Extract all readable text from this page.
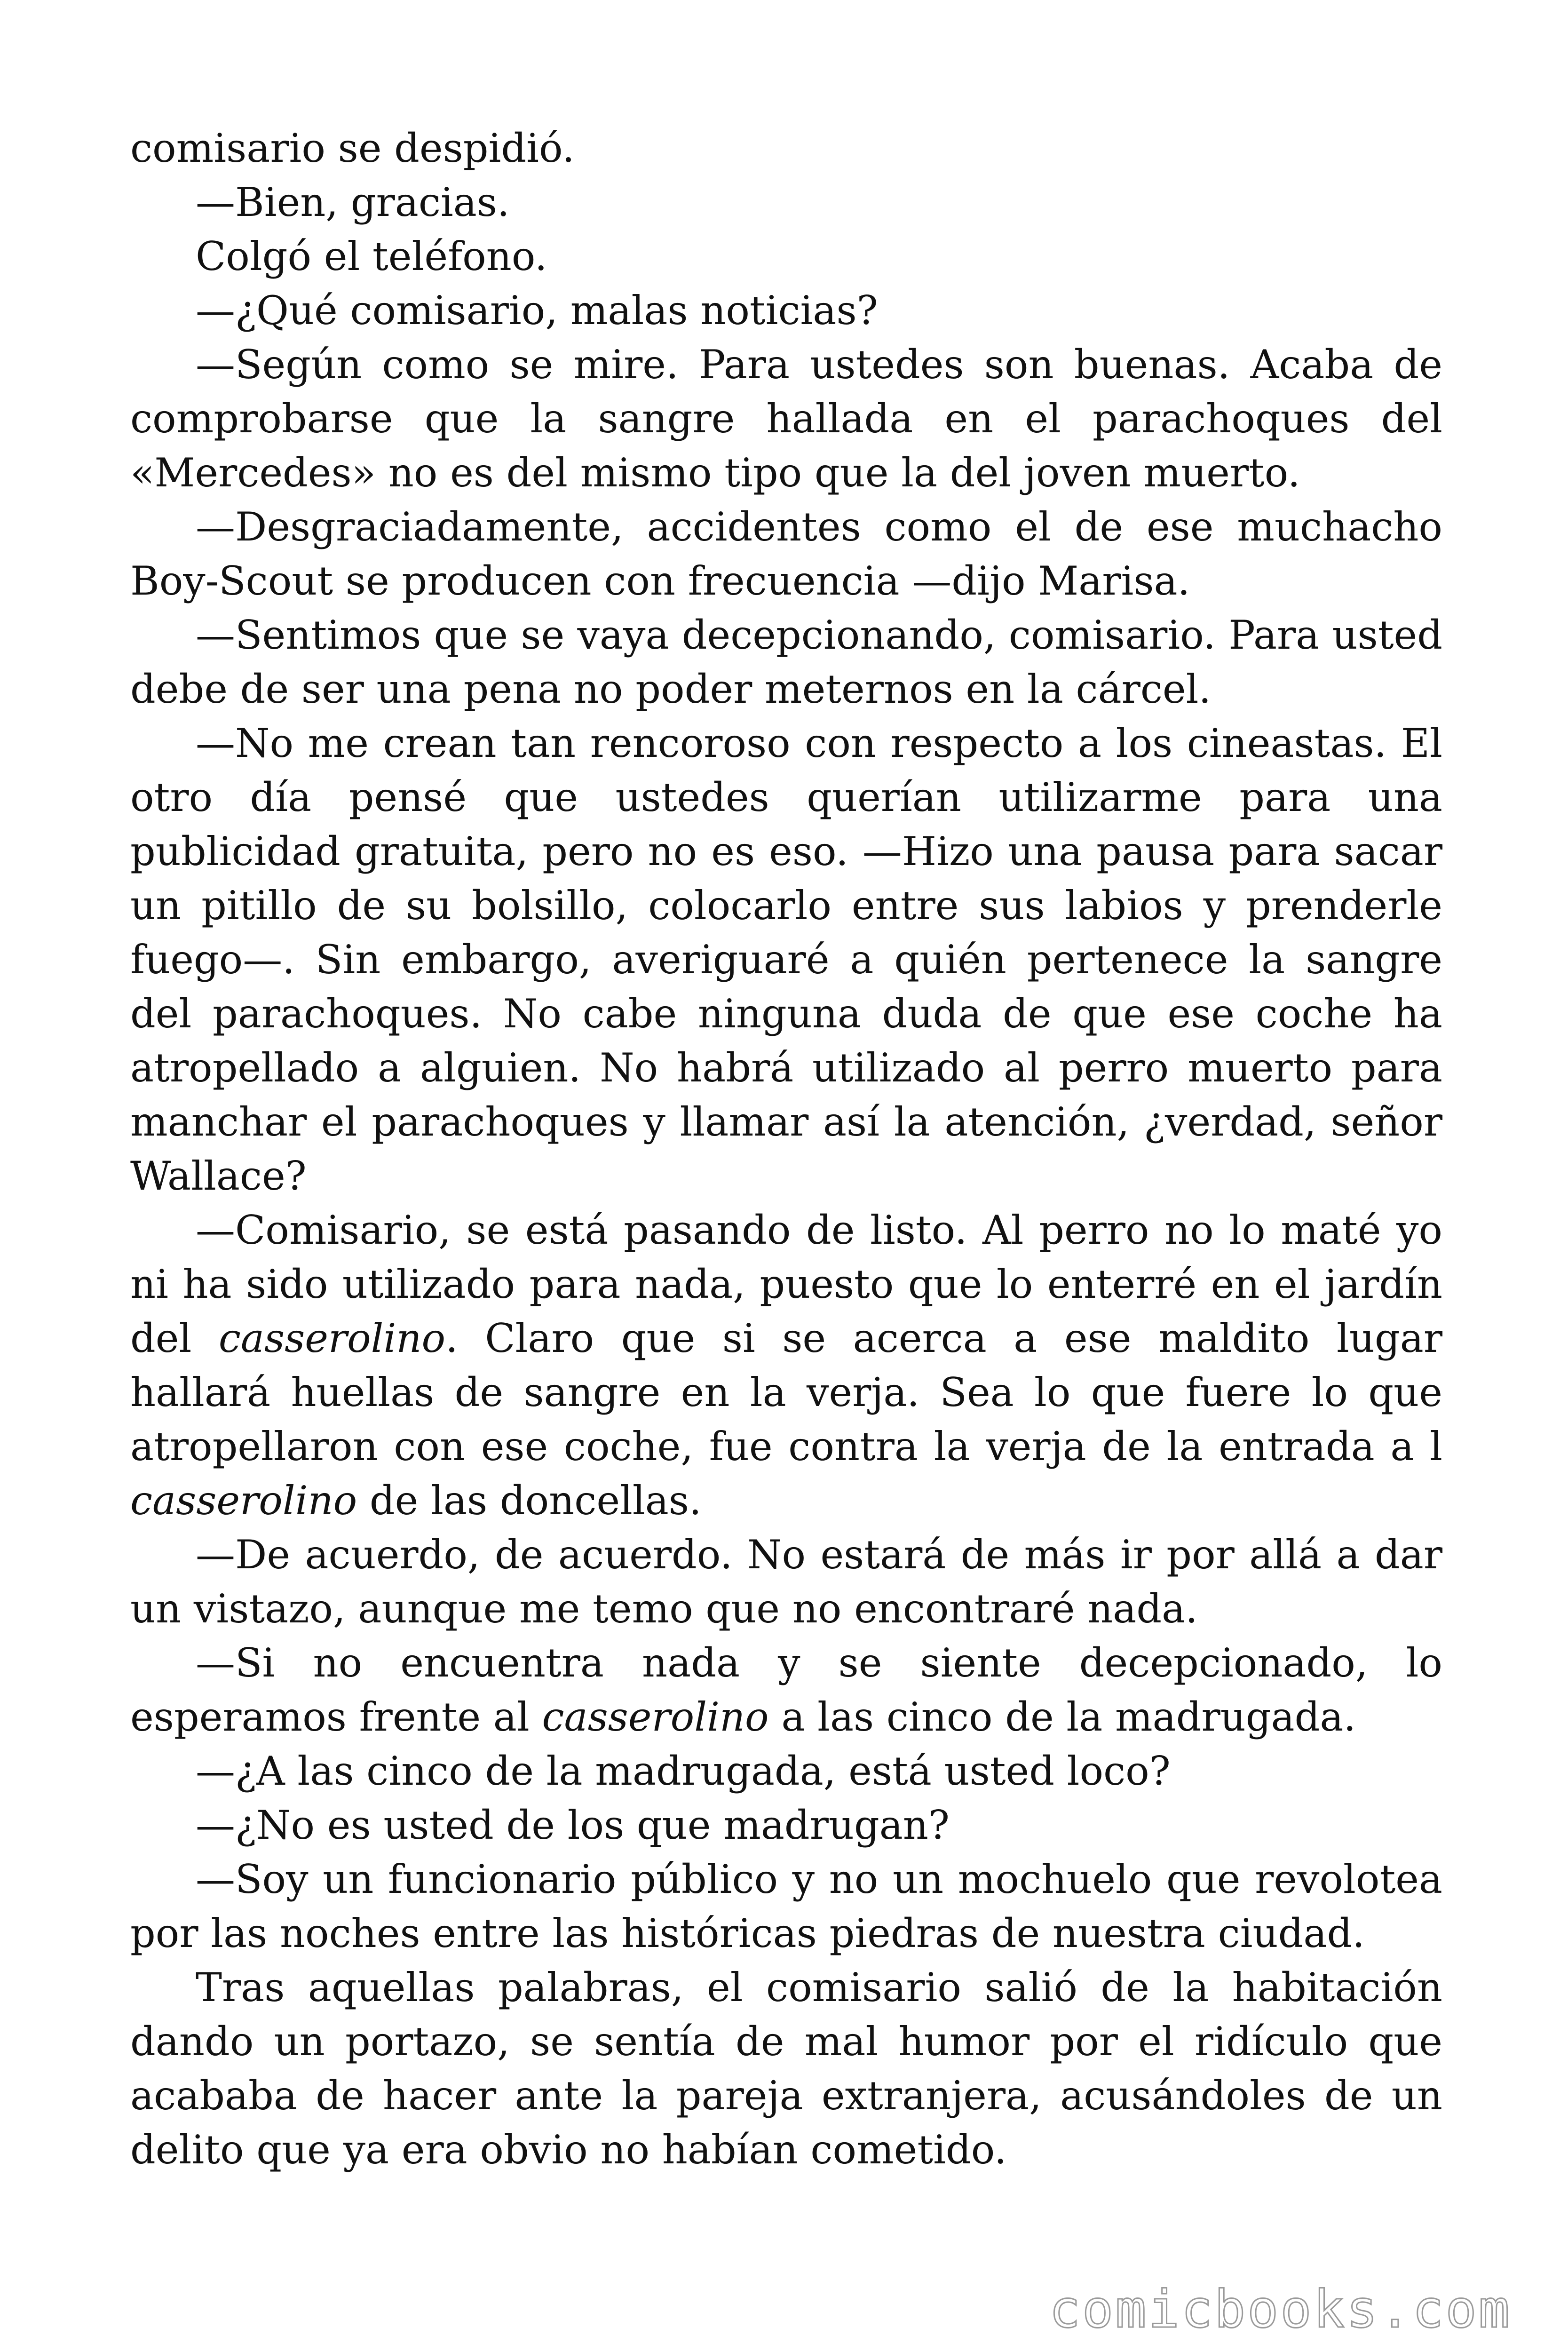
comisario se despidió.

—Bien, gracias.

Colgó el teléfono.

—¿Qué comisario, malas noticias?

—Según como se mire. Para ustedes son buenas. Acaba de comprobarse que la sangre hallada en el parachoques del «Mercedes» no es del mismo tipo que la del joven muerto.

—Desgraciadamente, accidentes como el de ese muchacho Boy-Scout se producen con frecuencia —dijo Marisa.

—Sentimos que se vaya decepcionando, comisario. Para usted debe de ser una pena no poder meternos en la cárcel.

—No me crean tan rencoroso con respecto a los cineastas. El otro día pensé que ustedes querían utilizarme para una publicidad gratuita, pero no es eso. —Hizo una pausa para sacar un pitillo de su bolsillo, colocarlo entre sus labios y prenderle fuego—. Sin embargo, averiguaré a quién pertenece la sangre del parachoques. No cabe ninguna duda de que ese coche ha atropellado a alguien. No habrá utilizado al perro muerto para manchar el parachoques y llamar así la atención, ¿verdad, señor Wallace?

—Comisario, se está pasando de listo. Al perro no lo maté yo ni ha sido utilizado para nada, puesto que lo enterré en el jardín del casserolino. Claro que si se acerca a ese maldito lugar hallará huellas de sangre en la verja. Sea lo que fuere lo que atropellaron con ese coche, fue contra la verja de la entrada a l casserolino de las doncellas.

—De acuerdo, de acuerdo. No estará de más ir por allá a dar un vistazo, aunque me temo que no encontraré nada.

—Si no encuentra nada y se siente decepcionado, lo esperamos frente al casserolino a las cinco de la madrugada.

—¿A las cinco de la madrugada, está usted loco?

—¿No es usted de los que madrugan?

—Soy un funcionario público y no un mochuelo que revolotea por las noches entre las históricas piedras de nuestra ciudad.

Tras aquellas palabras, el comisario salió de la habitación dando un portazo, se sentía de mal humor por el ridículo que acababa de hacer ante la pareja extranjera, acusándoles de un delito que ya era obvio no habían cometido.

comicbooks.com
